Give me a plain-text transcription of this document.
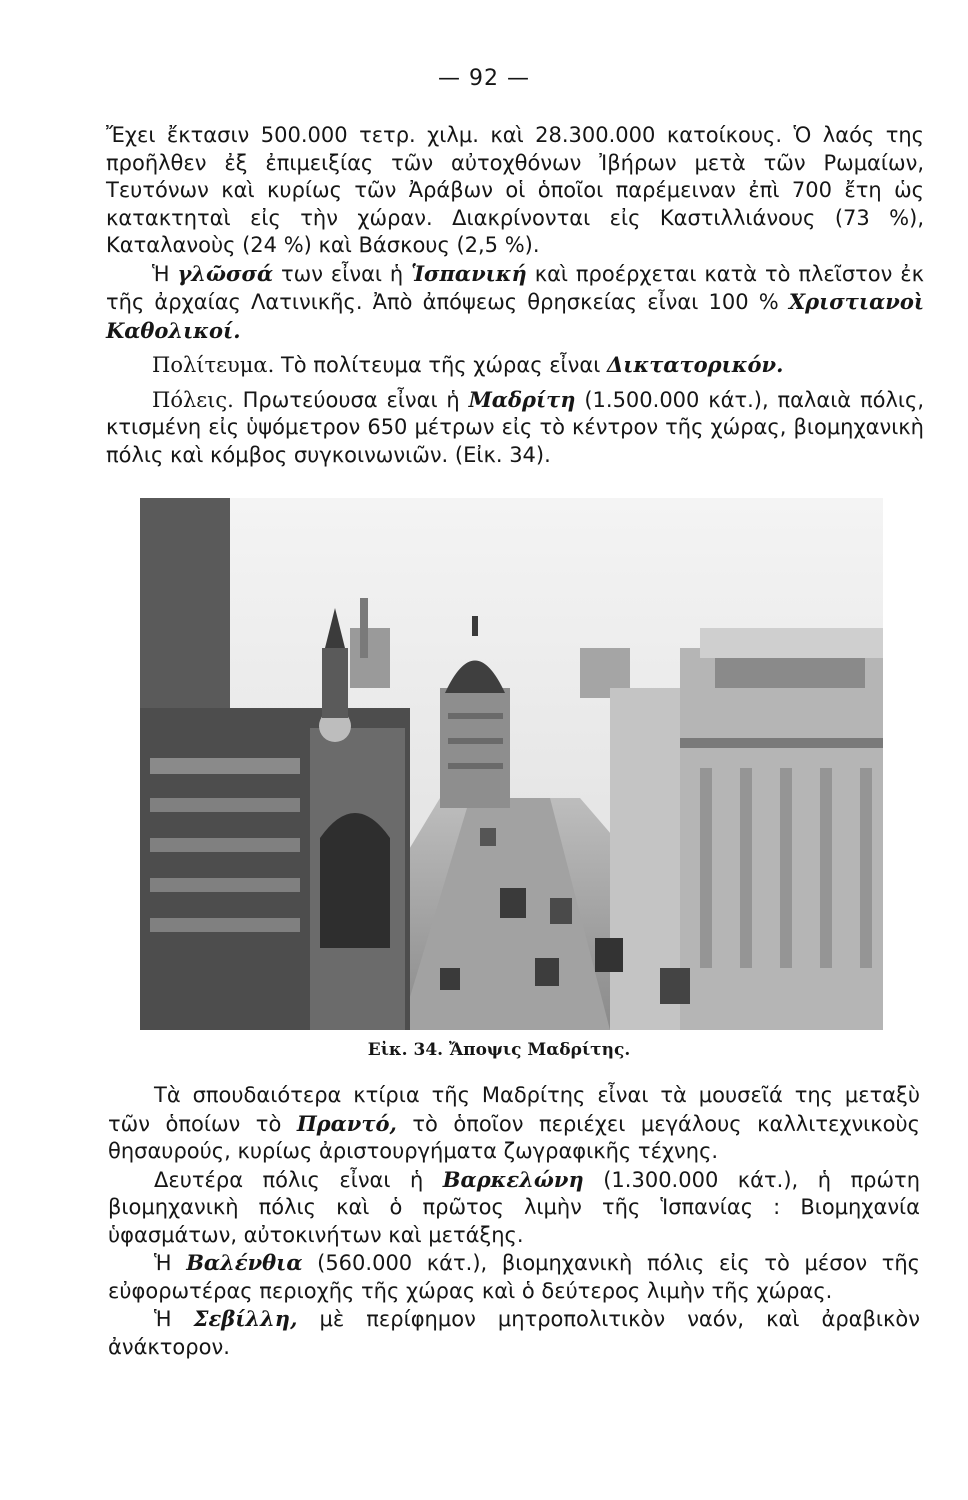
— 92 —

Ἔχει ἔκτασιν 500.000 τετρ. χιλμ. καὶ 28.300.000 κατοίκους. Ὁ λαός της προῆλθεν ἐξ ἐπιμειξίας τῶν αὐτοχθόνων Ἰβήρων μετὰ τῶν Ρωμαίων, Τευτόνων καὶ κυρίως τῶν Ἀράβων οἱ ὁποῖοι παρέμειναν ἐπὶ 700 ἔτη ὡς κατακτηταὶ εἰς τὴν χώραν. Διακρίνονται εἰς Καστιλλιάνους (73 %), Καταλανοὺς (24 %) καὶ Βάσκους (2,5 %).

Ἡ γλῶσσά των εἶναι ἡ Ἱσπανική καὶ προέρχεται κατὰ τὸ πλεῖστον ἐκ τῆς ἀρχαίας Λατινικῆς. Ἀπὸ ἀπόψεως θρησκείας εἶναι 100 % Χριστιανοὶ Καθολικοί.

Πολίτευμα. Τὸ πολίτευμα τῆς χώρας εἶναι Δικτατορικόν.

Πόλεις. Πρωτεύουσα εἶναι ἡ Μαδρίτη (1.500.000 κάτ.), παλαιὰ πόλις, κτισμένη εἰς ὑψόμετρον 650 μέτρων εἰς τὸ κέντρον τῆς χώρας, βιομηχανικὴ πόλις καὶ κόμβος συγκοινωνιῶν. (Εἰκ. 34).

Εἰκ. 34. Ἄποψις Μαδρίτης.

Τὰ σπουδαιότερα κτίρια τῆς Μαδρίτης εἶναι τὰ μουσεῖά της μεταξὺ τῶν ὁποίων τὸ Πραντό, τὸ ὁποῖον περιέχει μεγάλους καλλιτεχνικοὺς θησαυρούς, κυρίως ἀριστουργήματα ζωγραφικῆς τέχνης.

Δευτέρα πόλις εἶναι ἡ Βαρκελώνη (1.300.000 κάτ.), ἡ πρώτη βιομηχανικὴ πόλις καὶ ὁ πρῶτος λιμὴν τῆς Ἱσπανίας : Βιομηχανία ὑφασμάτων, αὐτοκινήτων καὶ μετάξης.

Ἡ Βαλένθια (560.000 κάτ.), βιομηχανικὴ πόλις εἰς τὸ μέσον τῆς εὐφορωτέρας περιοχῆς τῆς χώρας καὶ ὁ δεύτερος λιμὴν τῆς χώρας.

Ἡ Σεβίλλη, μὲ περίφημον μητροπολιτικὸν ναόν, καὶ ἀραβικὸν ἀνάκτορον.
